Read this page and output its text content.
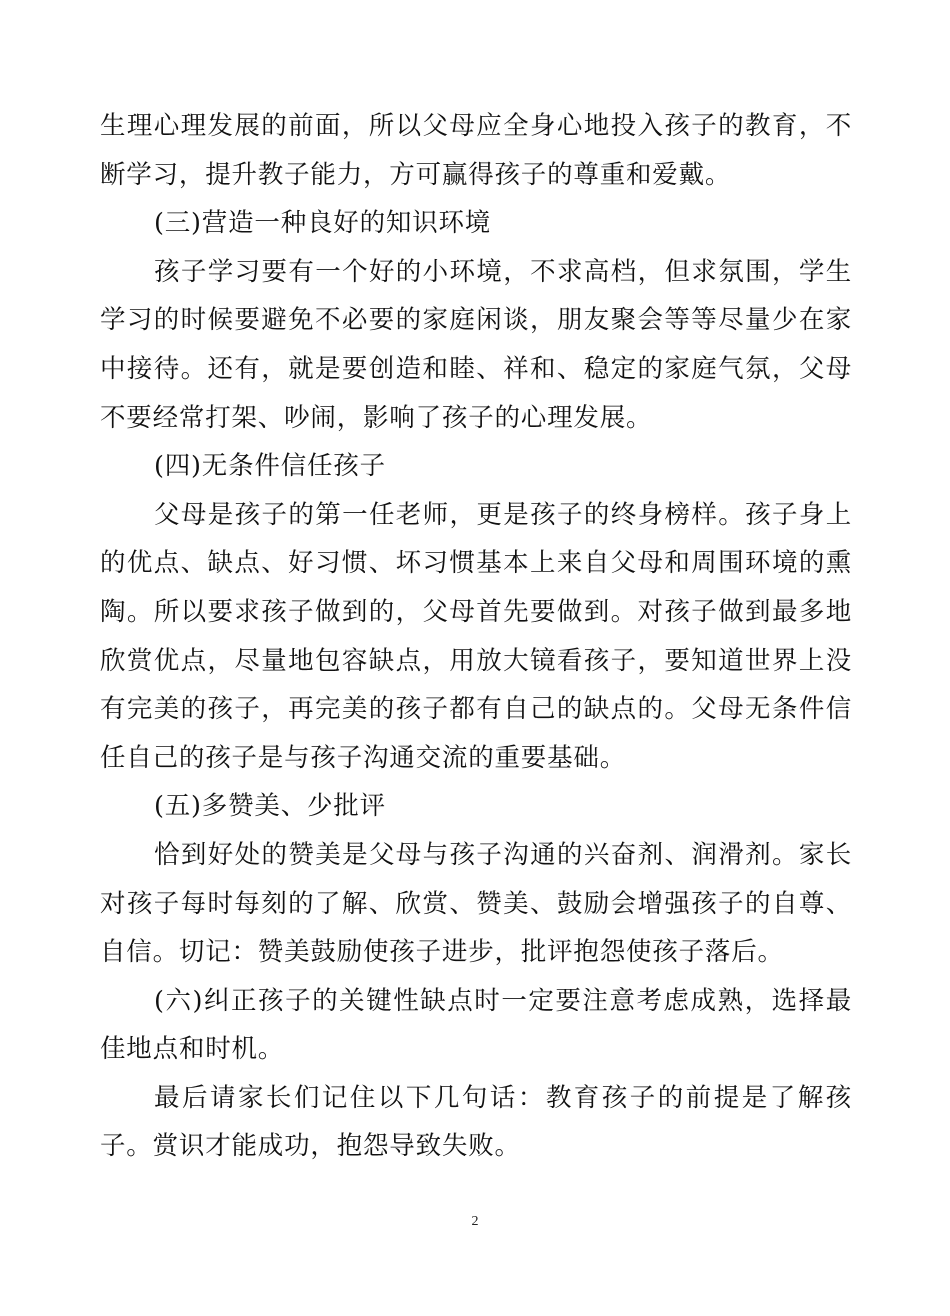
生理心理发展的前面，所以父母应全身心地投入孩子的教育，不断学习，提升教子能力，方可赢得孩子的尊重和爱戴。

(三)营造一种良好的知识环境

孩子学习要有一个好的小环境，不求高档，但求氛围，学生学习的时候要避免不必要的家庭闲谈，朋友聚会等等尽量少在家中接待。还有，就是要创造和睦、祥和、稳定的家庭气氛，父母不要经常打架、吵闹，影响了孩子的心理发展。

(四)无条件信任孩子

父母是孩子的第一任老师，更是孩子的终身榜样。孩子身上的优点、缺点、好习惯、坏习惯基本上来自父母和周围环境的熏陶。所以要求孩子做到的，父母首先要做到。对孩子做到最多地欣赏优点，尽量地包容缺点，用放大镜看孩子，要知道世界上没有完美的孩子，再完美的孩子都有自己的缺点的。父母无条件信任自己的孩子是与孩子沟通交流的重要基础。

(五)多赞美、少批评

恰到好处的赞美是父母与孩子沟通的兴奋剂、润滑剂。家长对孩子每时每刻的了解、欣赏、赞美、鼓励会增强孩子的自尊、自信。切记：赞美鼓励使孩子进步，批评抱怨使孩子落后。

(六)纠正孩子的关键性缺点时一定要注意考虑成熟，选择最佳地点和时机。

最后请家长们记住以下几句话：教育孩子的前提是了解孩子。赏识才能成功，抱怨导致失败。

2
